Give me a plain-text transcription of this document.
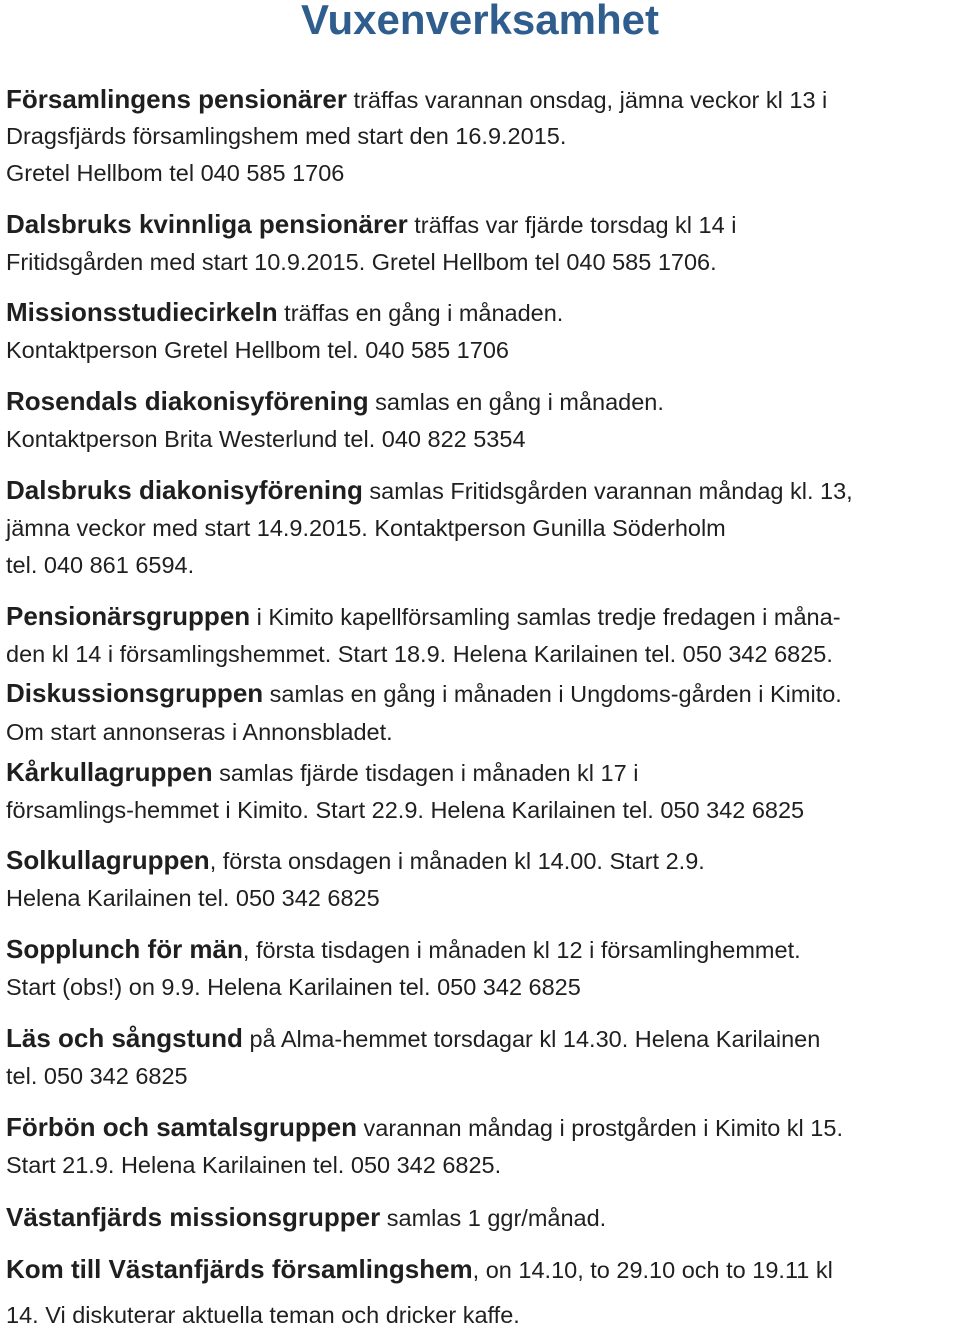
Vuxenverksamhet
Församlingens pensionärer träffas varannan onsdag, jämna veckor kl 13 i
Dragsfjärds församlingshem med start den 16.9.2015.
Gretel Hellbom tel 040 585 1706
Dalsbruks kvinnliga pensionärer träffas var fjärde torsdag kl 14 i
Fritidsgården med start 10.9.2015. Gretel Hellbom tel 040 585 1706.
Missionsstudiecirkeln träffas en gång i månaden.
Kontaktperson Gretel Hellbom tel. 040 585 1706
Rosendals diakonisyförening samlas en gång i månaden.
Kontaktperson Brita Westerlund tel. 040 822 5354
Dalsbruks diakonisyförening samlas Fritidsgården varannan måndag kl. 13,
jämna veckor med start 14.9.2015. Kontaktperson Gunilla Söderholm
tel. 040 861 6594.
Pensionärsgruppen i Kimito kapellförsamling samlas tredje fredagen i måna-
den kl 14 i församlingshemmet. Start 18.9. Helena Karilainen tel. 050 342 6825.
Diskussionsgruppen samlas en gång i månaden i Ungdoms-gården i Kimito.
Om start annonseras i Annonsbladet.
Kårkullagruppen samlas fjärde tisdagen i månaden kl 17 i
församlings-hemmet i Kimito. Start 22.9. Helena Karilainen tel. 050 342 6825
Solkullagruppen, första onsdagen i månaden kl 14.00. Start 2.9.
Helena Karilainen tel. 050 342 6825
Sopplunch för män, första tisdagen i månaden kl 12 i församlinghemmet.
Start (obs!) on 9.9. Helena Karilainen tel. 050 342 6825
Läs och sångstund på Alma-hemmet torsdagar kl 14.30. Helena Karilainen
tel. 050 342 6825
Förbön och samtalsgruppen varannan måndag i prostgården i Kimito kl 15.
Start 21.9. Helena Karilainen tel. 050 342 6825.
Västanfjärds missionsgrupper samlas 1 ggr/månad.
Kom till Västanfjärds församlingshem, on 14.10, to 29.10 och to 19.11 kl
14. Vi diskuterar aktuella teman och dricker kaffe.
